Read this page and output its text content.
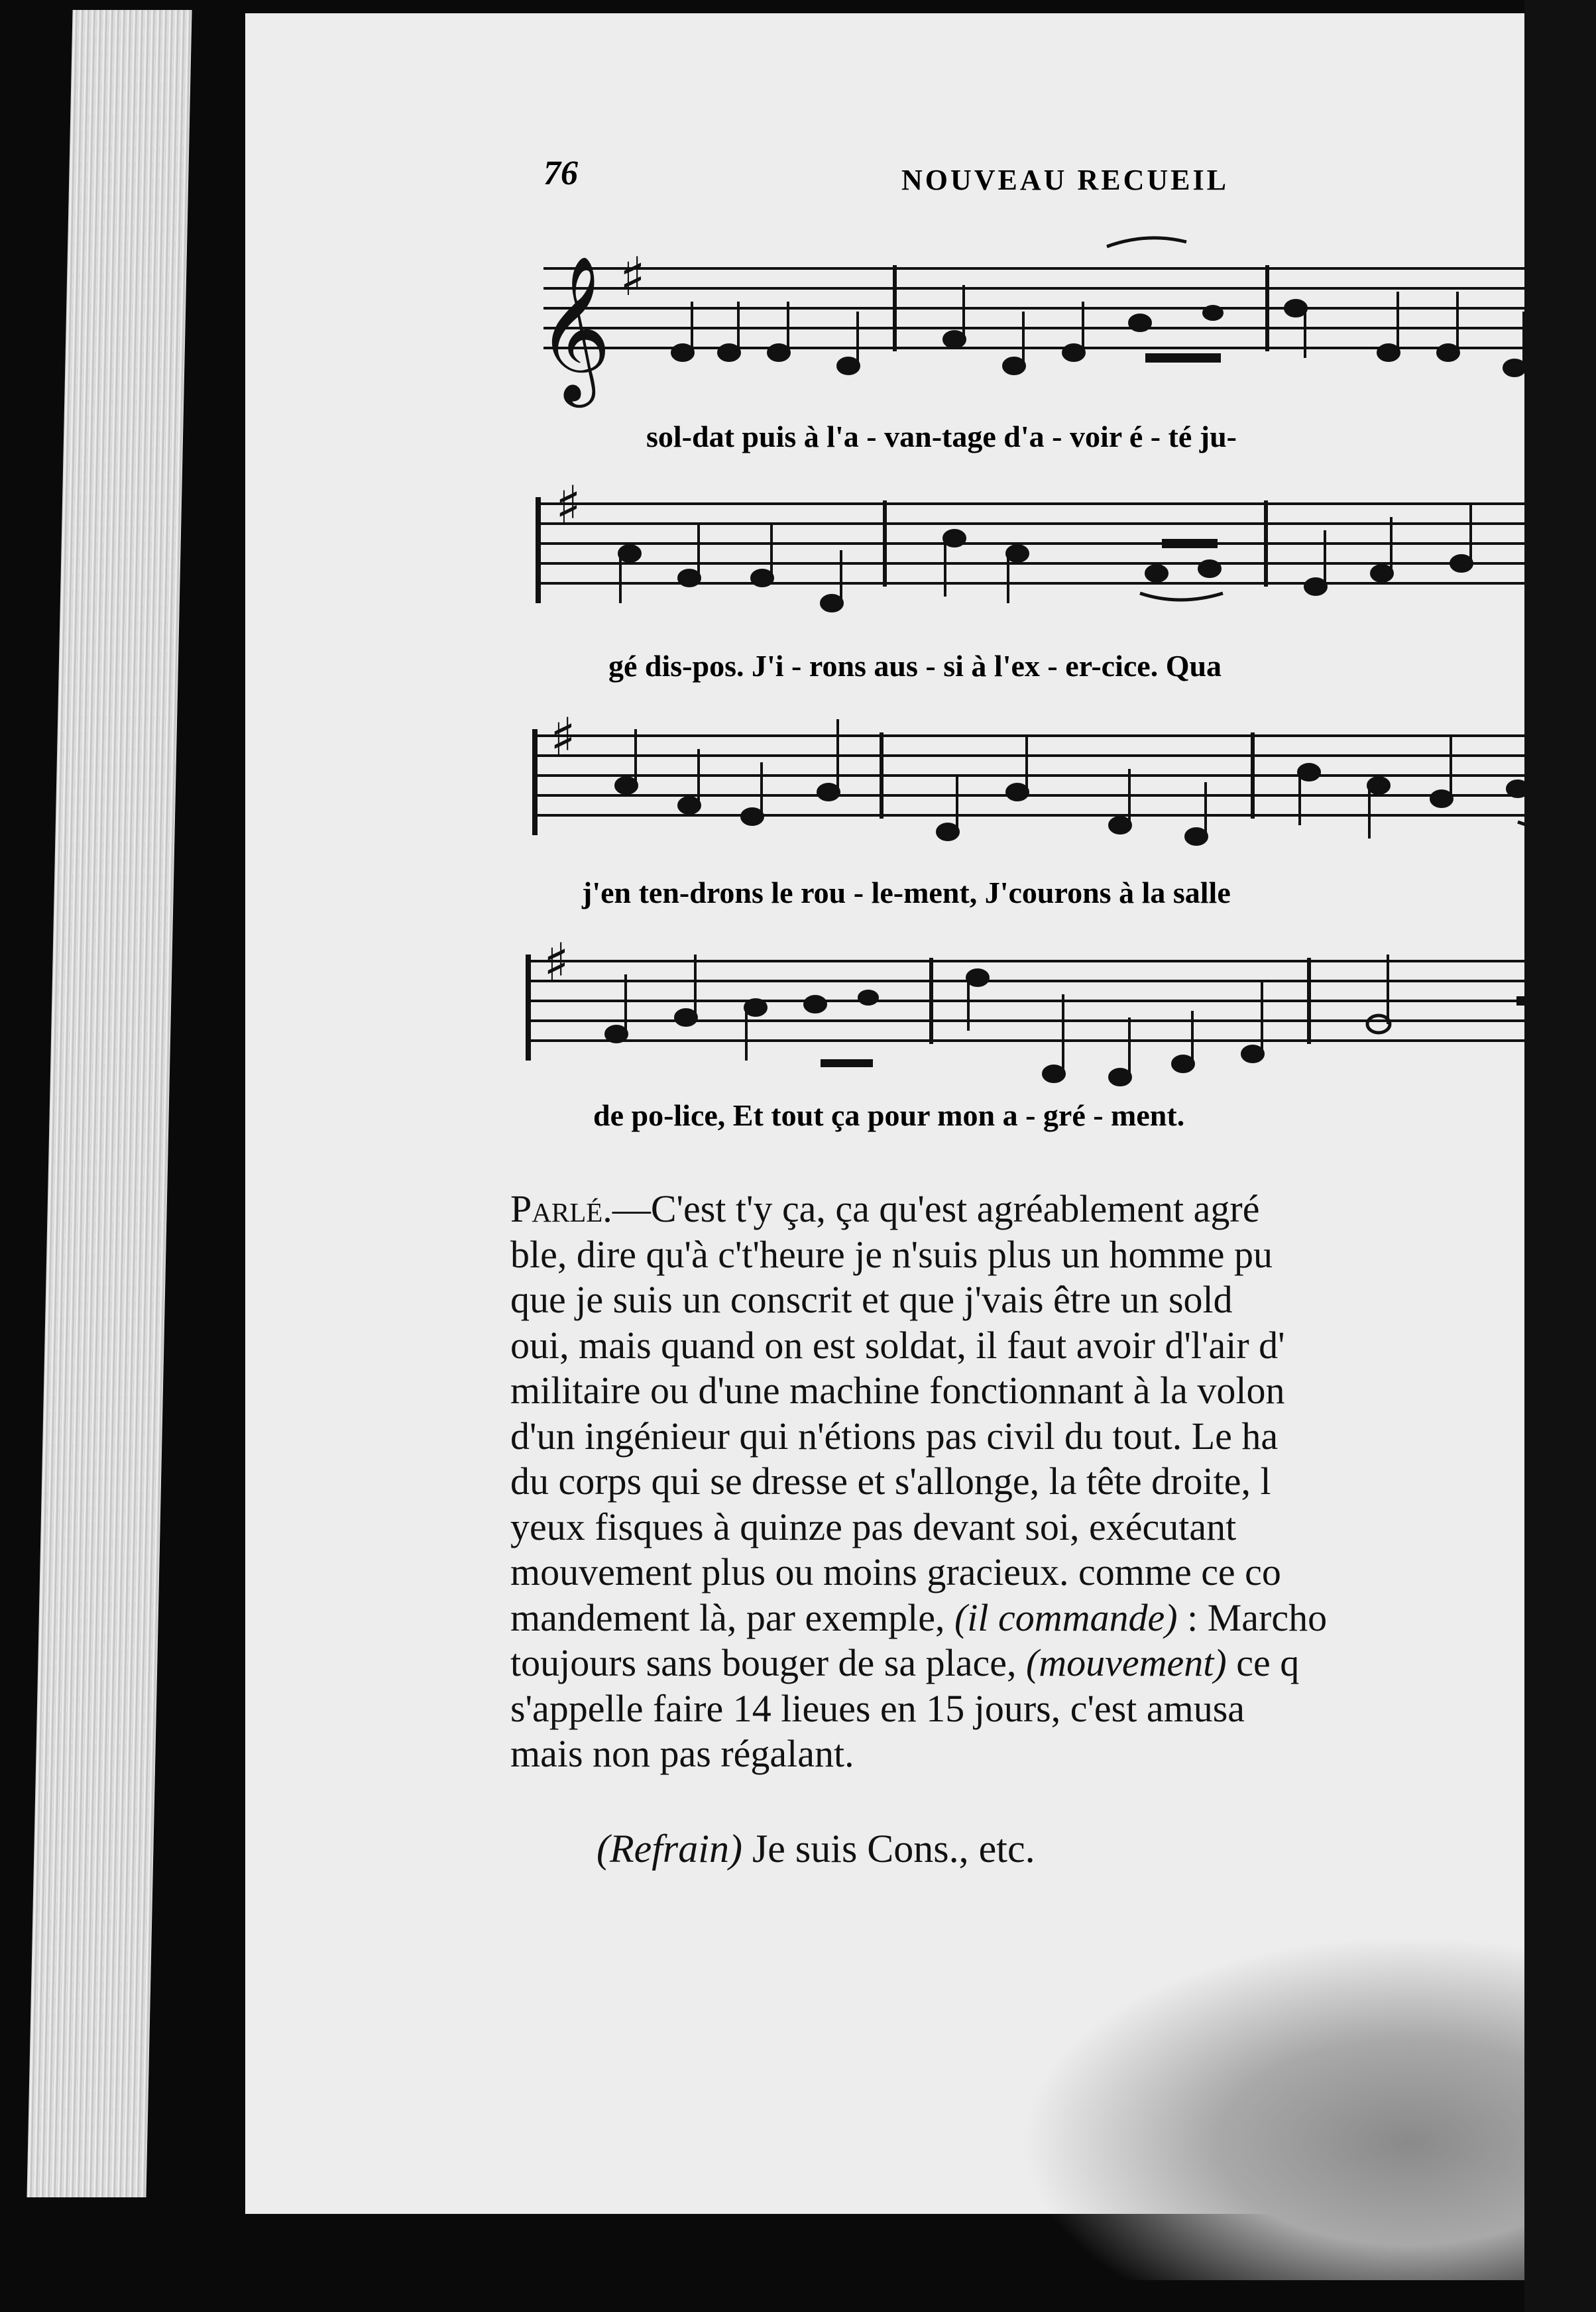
76	NOUVEAU RECUEIL
𝄞 ♯
♯
♯
♯
sol-dat puis à l'a - van-tage d'a - voir é - té ju-
gé dis-pos. J'i - rons aus - si à l'ex - er-cice. Qua
j'en ten-drons le rou - le-ment, J'courons à la salle
de po-lice, Et tout ça pour mon a - gré - ment.
Parlé.—C'est t'y ça, ça qu'est agréablement agré
ble, dire qu'à c't'heure je n'suis plus un homme pu
que je suis un conscrit et que j'vais être un sold
oui, mais quand on est soldat, il faut avoir d'l'air d'
militaire ou d'une machine fonctionnant à la volon
d'un ingénieur qui n'étions pas civil du tout. Le ha
du corps qui se dresse et s'allonge, la tête droite, l
yeux fisques à quinze pas devant soi, exécutant
mouvement plus ou moins gracieux. comme ce co
mandement là, par exemple, (il commande) : Marcho
toujours sans bouger de sa place, (mouvement) ce q
s'appelle faire 14 lieues en 15 jours, c'est amusa
mais non pas régalant.
(Refrain) Je suis Cons., etc.
